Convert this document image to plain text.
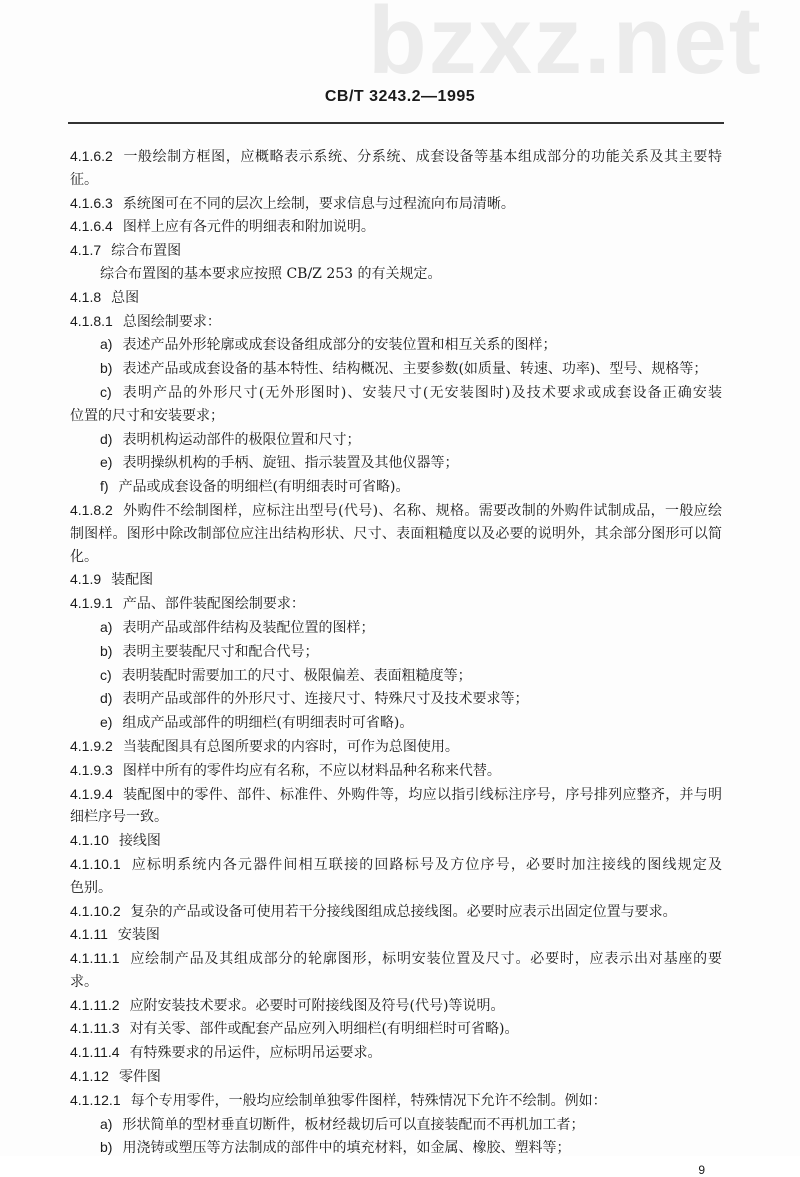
bzxz.net
CB/T 3243.2—1995
4.1.6.2 一般绘制方框图，应概略表示系统、分系统、成套设备等基本组成部分的功能关系及其主要特
征。
4.1.6.3 系统图可在不同的层次上绘制，要求信息与过程流向布局清晰。
4.1.6.4 图样上应有各元件的明细表和附加说明。
4.1.7 综合布置图
综合布置图的基本要求应按照 CB/Z 253 的有关规定。
4.1.8 总图
4.1.8.1 总图绘制要求：
a) 表述产品外形轮廓或成套设备组成部分的安装位置和相互关系的图样；
b) 表述产品或成套设备的基本特性、结构概况、主要参数(如质量、转速、功率)、型号、规格等；
c) 表明产品的外形尺寸(无外形图时)、安装尺寸(无安装图时)及技术要求或成套设备正确安装
位置的尺寸和安装要求；
d) 表明机构运动部件的极限位置和尺寸；
e) 表明操纵机构的手柄、旋钮、指示装置及其他仪器等；
f) 产品或成套设备的明细栏(有明细表时可省略)。
4.1.8.2 外购件不绘制图样，应标注出型号(代号)、名称、规格。需要改制的外购件试制成品，一般应绘
制图样。图形中除改制部位应注出结构形状、尺寸、表面粗糙度以及必要的说明外，其余部分图形可以简
化。
4.1.9 装配图
4.1.9.1 产品、部件装配图绘制要求：
a) 表明产品或部件结构及装配位置的图样；
b) 表明主要装配尺寸和配合代号；
c) 表明装配时需要加工的尺寸、极限偏差、表面粗糙度等；
d) 表明产品或部件的外形尺寸、连接尺寸、特殊尺寸及技术要求等；
e) 组成产品或部件的明细栏(有明细表时可省略)。
4.1.9.2 当装配图具有总图所要求的内容时，可作为总图使用。
4.1.9.3 图样中所有的零件均应有名称，不应以材料品种名称来代替。
4.1.9.4 装配图中的零件、部件、标准件、外购件等，均应以指引线标注序号，序号排列应整齐，并与明
细栏序号一致。
4.1.10 接线图
4.1.10.1 应标明系统内各元器件间相互联接的回路标号及方位序号，必要时加注接线的图线规定及
色别。
4.1.10.2 复杂的产品或设备可使用若干分接线图组成总接线图。必要时应表示出固定位置与要求。
4.1.11 安装图
4.1.11.1 应绘制产品及其组成部分的轮廓图形，标明安装位置及尺寸。必要时，应表示出对基座的要
求。
4.1.11.2 应附安装技术要求。必要时可附接线图及符号(代号)等说明。
4.1.11.3 对有关零、部件或配套产品应列入明细栏(有明细栏时可省略)。
4.1.11.4 有特殊要求的吊运件，应标明吊运要求。
4.1.12 零件图
4.1.12.1 每个专用零件，一般均应绘制单独零件图样，特殊情况下允许不绘制。例如：
a) 形状简单的型材垂直切断件，板材经裁切后可以直接装配而不再机加工者；
b) 用浇铸或塑压等方法制成的部件中的填充材料，如金属、橡胶、塑料等；
9
